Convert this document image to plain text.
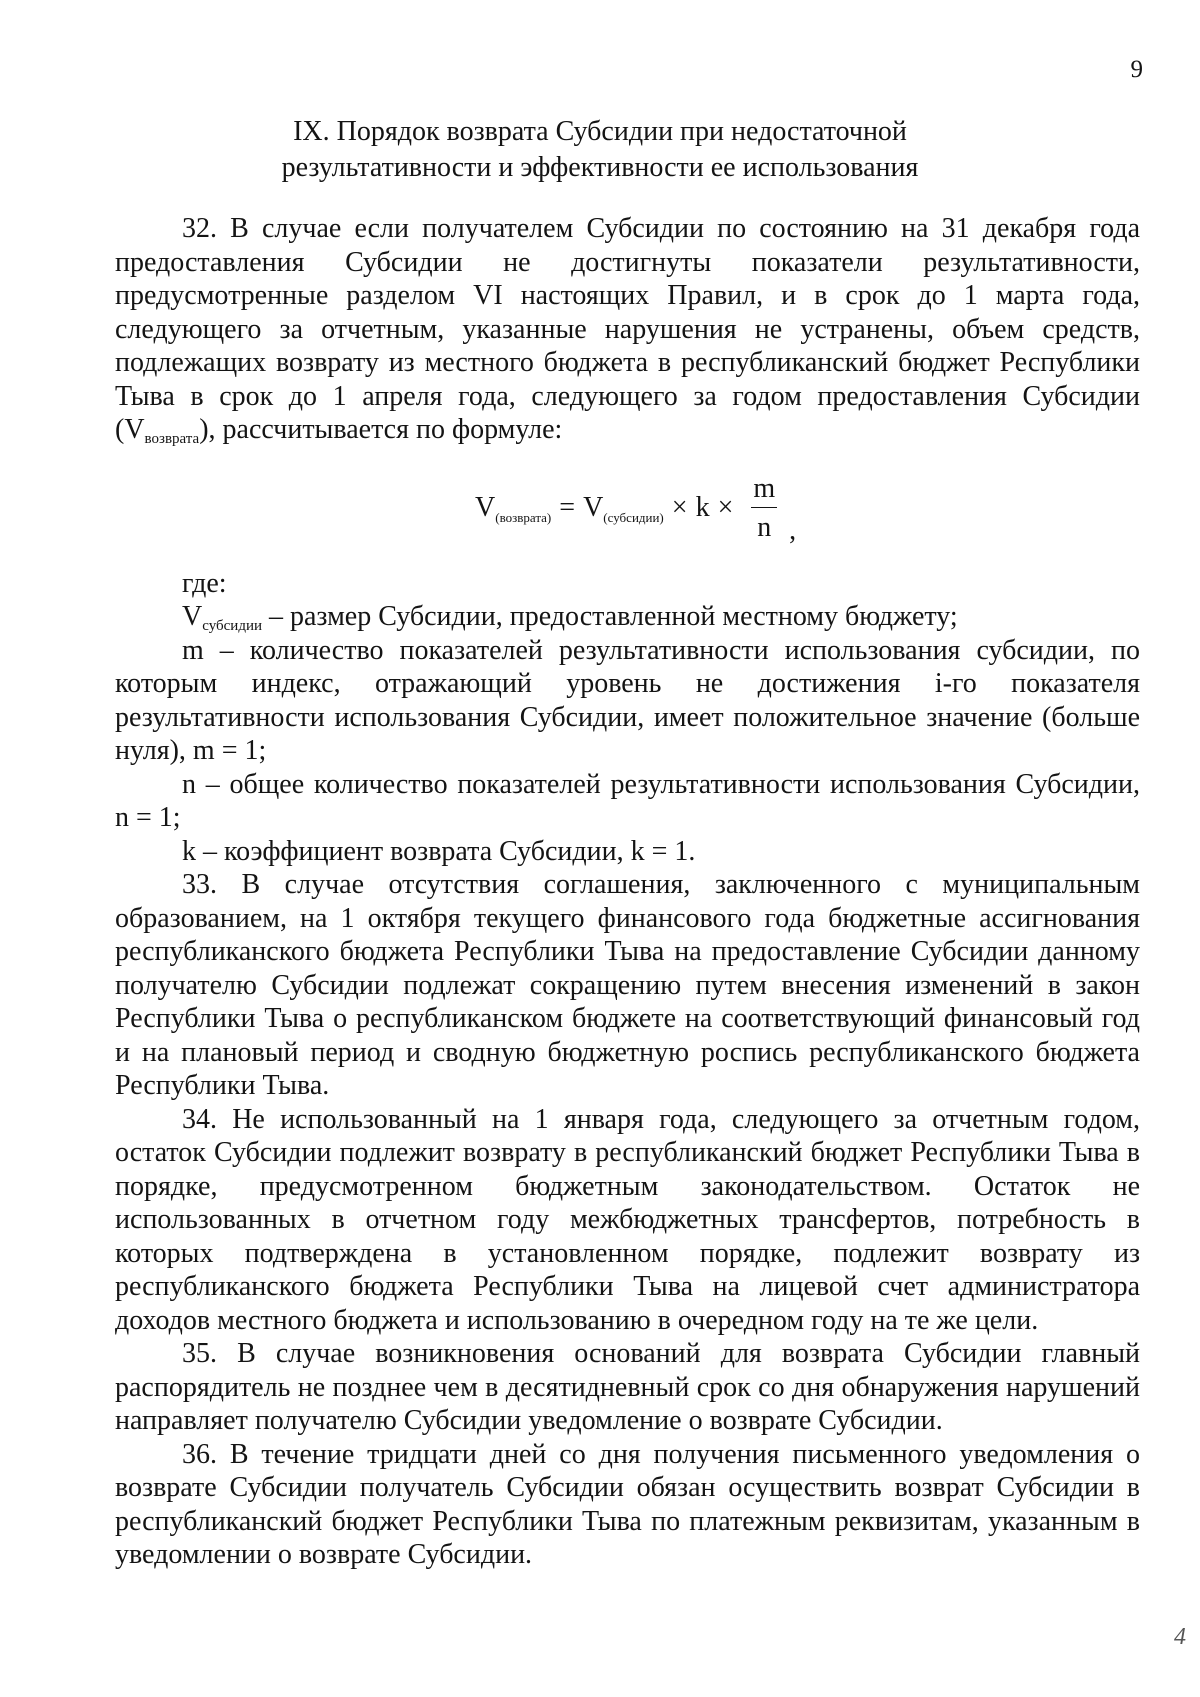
9
IX. Порядок возврата Субсидии при недостаточной
результативности и эффективности ее использования

32. В случае если получателем Субсидии по состоянию на 31 декабря года предоставления Субсидии не достигнуты показатели результативности, предусмотренные разделом VI настоящих Правил, и в срок до 1 марта года, следующего за отчетным, указанные нарушения не устранены, объем средств, подлежащих возврату из местного бюджета в республиканский бюджет Республики Тыва в срок до 1 апреля года, следующего за годом предоставления Субсидии $(V_{возврата})$, рассчитывается по формуле:

$V_{(возврата)} = V_{(субсидии)} \times k \times \frac{m}{n}$ ,

где:

$V_{субсидии}$ – размер Субсидии, предоставленной местному бюджету;

m – количество показателей результативности использования субсидии, по которым индекс, отражающий уровень не достижения i-го показателя результативности использования Субсидии, имеет положительное значение (больше нуля), m = 1;

n – общее количество показателей результативности использования Субсидии, n = 1;

k – коэффициент возврата Субсидии, k = 1.

33. В случае отсутствия соглашения, заключенного с муниципальным образованием, на 1 октября текущего финансового года бюджетные ассигнования республиканского бюджета Республики Тыва на предоставление Субсидии данному получателю Субсидии подлежат сокращению путем внесения изменений в закон Республики Тыва о республиканском бюджете на соответствующий финансовый год и на плановый период и сводную бюджетную роспись республиканского бюджета Республики Тыва.

34. Не использованный на 1 января года, следующего за отчетным годом, остаток Субсидии подлежит возврату в республиканский бюджет Республики Тыва в порядке, предусмотренном бюджетным законодательством. Остаток не использованных в отчетном году межбюджетных трансфертов, потребность в которых подтверждена в установленном порядке, подлежит возврату из республиканского бюджета Республики Тыва на лицевой счет администратора доходов местного бюджета и использованию в очередном году на те же цели.

35. В случае возникновения оснований для возврата Субсидии главный распорядитель не позднее чем в десятидневный срок со дня обнаружения нарушений направляет получателю Субсидии уведомление о возврате Субсидии.

36. В течение тридцати дней со дня получения письменного уведомления о возврате Субсидии получатель Субсидии обязан осуществить возврат Субсидии в республиканский бюджет Республики Тыва по платежным реквизитам, указанным в уведомлении о возврате Субсидии.

4
